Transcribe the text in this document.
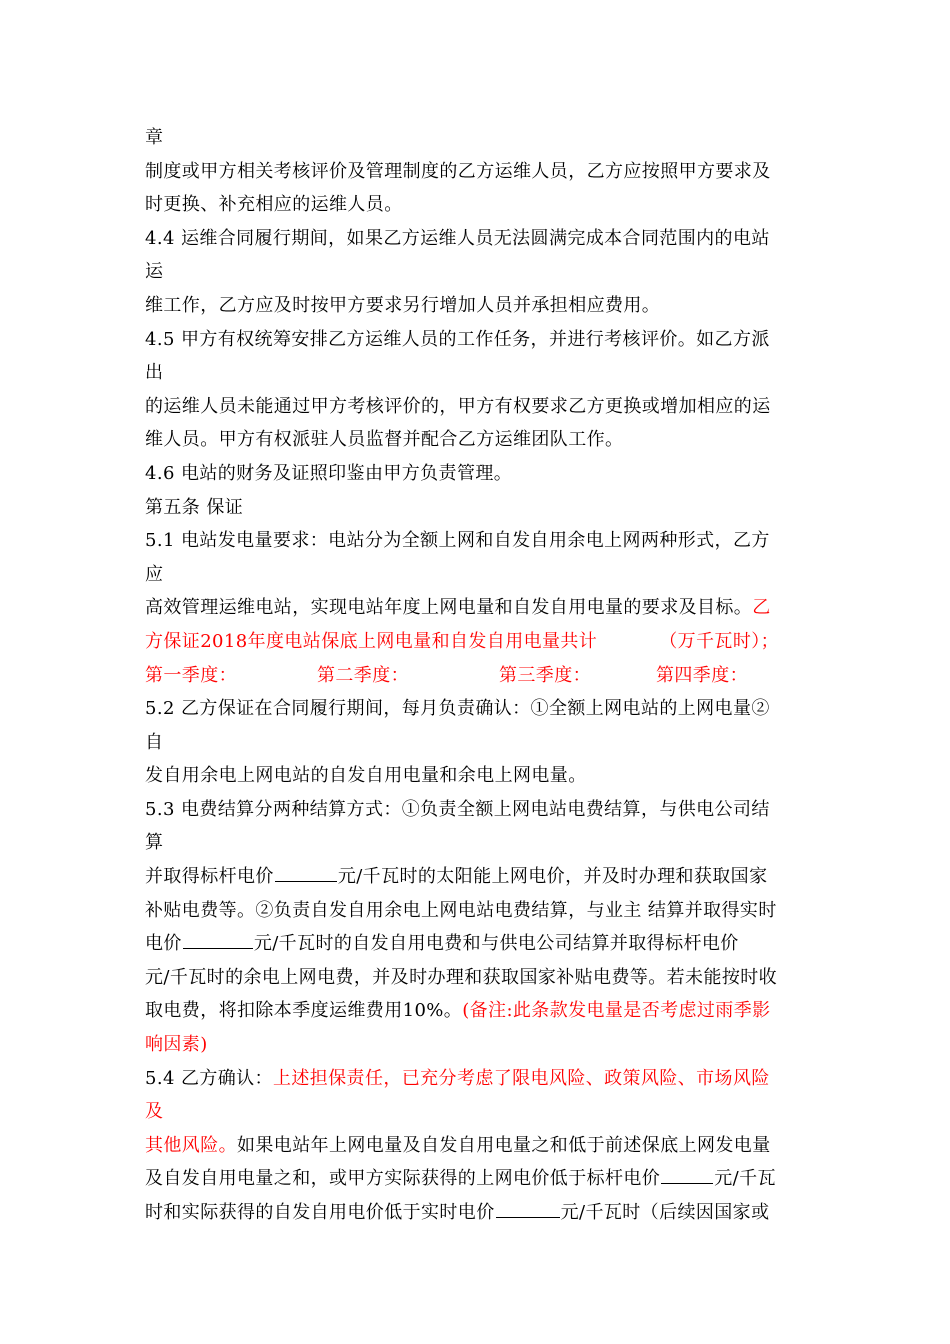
章
制度或甲方相关考核评价及管理制度的乙方运维人员，乙方应按照甲方要求及
时更换、补充相应的运维人员。
4.4 运维合同履行期间，如果乙方运维人员无法圆满完成本合同范围内的电站
运
维工作，乙方应及时按甲方要求另行增加人员并承担相应费用。
4.5 甲方有权统筹安排乙方运维人员的工作任务，并进行考核评价。如乙方派
出
的运维人员未能通过甲方考核评价的，甲方有权要求乙方更换或增加相应的运
维人员。甲方有权派驻人员监督并配合乙方运维团队工作。
4.6 电站的财务及证照印鉴由甲方负责管理。
第五条 保证
5.1 电站发电量要求：电站分为全额上网和自发自用余电上网两种形式，乙方
应
高效管理运维电站，实现电站年度上网电量和自发自用电量的要求及目标。乙
方保证2018年度电站保底上网电量和自发自用电量共计	（万千瓦时）；
第一季度：	第二季度：	第三季度：	第四季度：
5.2 乙方保证在合同履行期间，每月负责确认：①全额上网电站的上网电量②
自
发自用余电上网电站的自发自用电量和余电上网电量。
5.3 电费结算分两种结算方式：①负责全额上网电站电费结算，与供电公司结
算
并取得标杆电价	元/千瓦时的太阳能上网电价，并及时办理和获取国家
补贴电费等。②负责自发自用余电上网电站电费结算，与业主 结算并取得实时
电价	元/千瓦时的自发自用电费和与供电公司结算并取得标杆电价
元/千瓦时的余电上网电费，并及时办理和获取国家补贴电费等。若未能按时收
取电费，将扣除本季度运维费用10%。(备注:此条款发电量是否考虑过雨季影
响因素)
5.4 乙方确认：上述担保责任，已充分考虑了限电风险、政策风险、市场风险
及
其他风险。如果电站年上网电量及自发自用电量之和低于前述保底上网发电量
及自发自用电量之和，或甲方实际获得的上网电价低于标杆电价	元/千瓦
时和实际获得的自发自用电价低于实时电价	元/千瓦时（后续因国家或
